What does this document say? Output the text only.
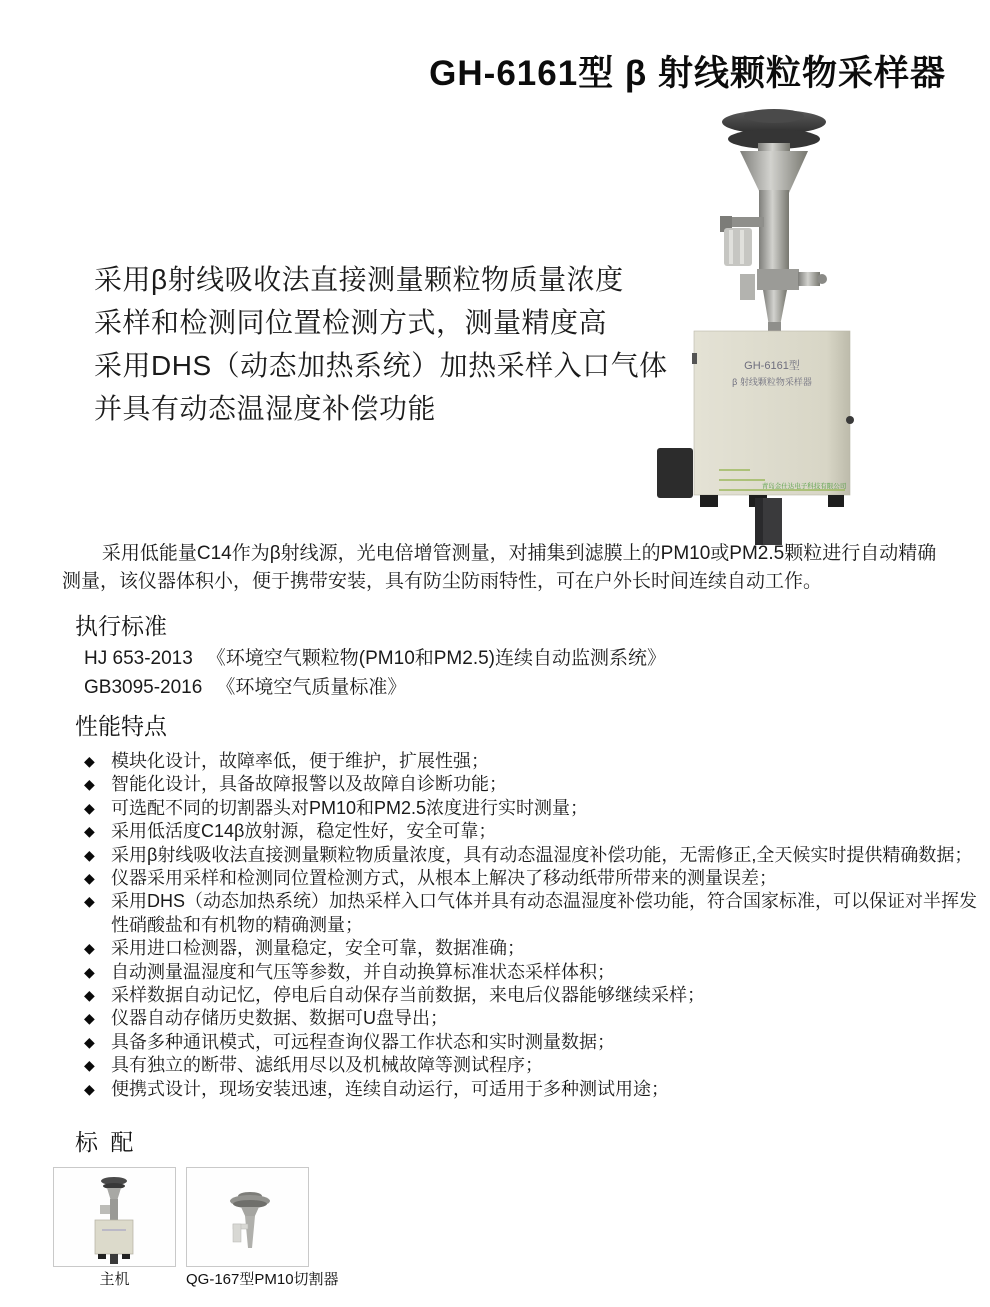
GH-6161型 β 射线颗粒物采样器
GH-6161型
β 射线颗粒物采样器
青岛金仕达电子科技有限公司
采用β射线吸收法直接测量颗粒物质量浓度
采样和检测同位置检测方式，测量精度高
采用DHS（动态加热系统）加热采样入口气体
并具有动态温湿度补偿功能

采用低能量C14作为β射线源，光电倍增管测量，对捕集到滤膜上的PM10或PM2.5颗粒进行自动精确测量，该仪器体积小，便于携带安装，具有防尘防雨特性，可在户外长时间连续自动工作。

执行标准
HJ 653-2013 《环境空气颗粒物(PM10和PM2.5)连续自动监测系统》
GB3095-2016 《环境空气质量标准》
性能特点
◆ 模块化设计，故障率低，便于维护，扩展性强；
◆ 智能化设计，具备故障报警以及故障自诊断功能；
◆ 可选配不同的切割器头对PM10和PM2.5浓度进行实时测量；
◆ 采用低活度C14β放射源，稳定性好，安全可靠；
◆ 采用β射线吸收法直接测量颗粒物质量浓度，具有动态温湿度补偿功能，无需修正,全天候实时提供精确数据；
◆ 仪器采用采样和检测同位置检测方式，从根本上解决了移动纸带所带来的测量误差；
◆ 采用DHS（动态加热系统）加热采样入口气体并具有动态温湿度补偿功能，符合国家标准，可以保证对半挥发性硝酸盐和有机物的精确测量；
◆ 采用进口检测器，测量稳定，安全可靠，数据准确；
◆ 自动测量温湿度和气压等参数，并自动换算标准状态采样体积；
◆ 采样数据自动记忆，停电后自动保存当前数据，来电后仪器能够继续采样；
◆ 仪器自动存储历史数据、数据可U盘导出；
◆ 具备多种通讯模式，可远程查询仪器工作状态和实时测量数据；
◆ 具有独立的断带、滤纸用尽以及机械故障等测试程序；
◆ 便携式设计，现场安装迅速，连续自动运行，可适用于多种测试用途；
标 配
主机	QG-167型PM10切割器
